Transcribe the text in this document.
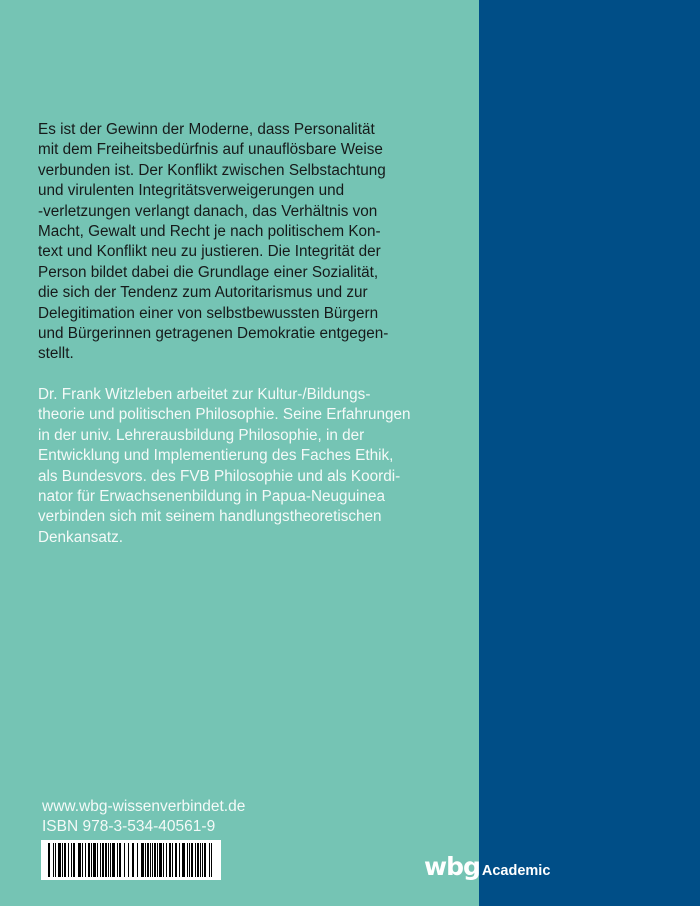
Es ist der Gewinn der Moderne, dass Personalität
mit dem Freiheitsbedürfnis auf unauflösbare Weise
verbunden ist. Der Konflikt zwischen Selbstachtung
und virulenten Integritätsverweigerungen und
-verletzungen verlangt danach, das Verhältnis von
Macht, Gewalt und Recht je nach politischem Kon-
text und Konflikt neu zu justieren. Die Integrität der
Person bildet dabei die Grundlage einer Sozialität,
die sich der Tendenz zum Autoritarismus und zur
Delegitimation einer von selbstbewussten Bürgern
und Bürgerinnen getragenen Demokratie entgegen-
stellt.
Dr. Frank Witzleben arbeitet zur Kultur-/Bildungs-
theorie und politischen Philosophie. Seine Erfahrungen
in der univ. Lehrerausbildung Philosophie, in der
Entwicklung und Implementierung des Faches Ethik,
als Bundesvors. des FVB Philosophie und als Koordi-
nator für Erwachsenenbildung in Papua-Neuguinea
verbinden sich mit seinem handlungstheoretischen
Denkansatz.
www.wbg-wissenverbindet.de
ISBN 978-3-534-40561-9
wbg Academic
